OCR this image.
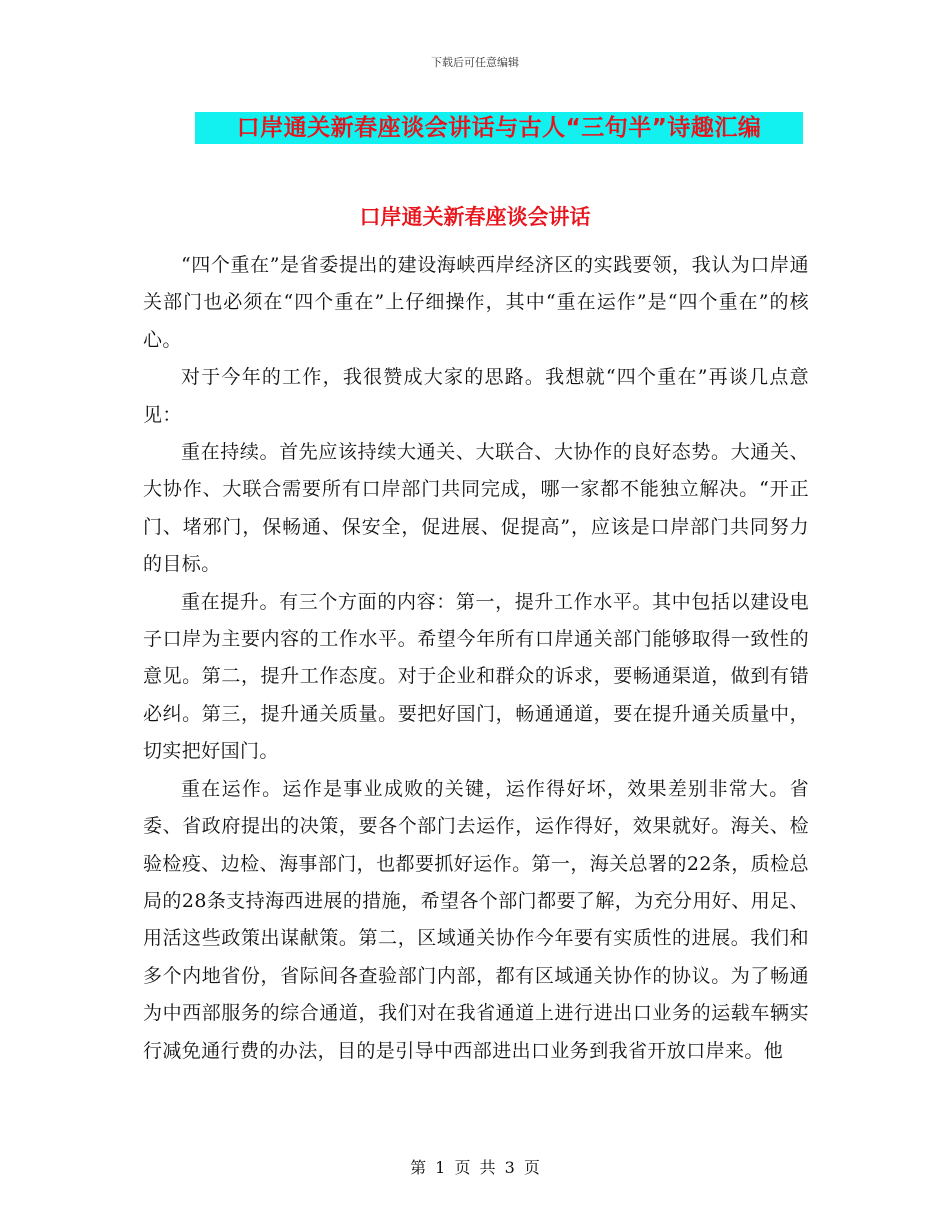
下载后可任意编辑
口岸通关新春座谈会讲话与古人“三句半”诗趣汇编
口岸通关新春座谈会讲话

“四个重在”是省委提出的建设海峡西岸经济区的实践要领，我认为口岸通关部门也必须在“四个重在”上仔细操作，其中“重在运作”是“四个重在”的核心。

对于今年的工作，我很赞成大家的思路。我想就“四个重在”再谈几点意见：

重在持续。首先应该持续大通关、大联合、大协作的良好态势。大通关、大协作、大联合需要所有口岸部门共同完成，哪一家都不能独立解决。“开正门、堵邪门，保畅通、保安全，促进展、促提高”，应该是口岸部门共同努力的目标。

重在提升。有三个方面的内容：第一，提升工作水平。其中包括以建设电子口岸为主要内容的工作水平。希望今年所有口岸通关部门能够取得一致性的意见。第二，提升工作态度。对于企业和群众的诉求，要畅通渠道，做到有错必纠。第三，提升通关质量。要把好国门，畅通通道，要在提升通关质量中，切实把好国门。

重在运作。运作是事业成败的关键，运作得好坏，效果差别非常大。省委、省政府提出的决策，要各个部门去运作，运作得好，效果就好。海关、检验检疫、边检、海事部门，也都要抓好运作。第一，海关总署的22条，质检总局的28条支持海西进展的措施，希望各个部门都要了解，为充分用好、用足、用活这些政策出谋献策。第二，区域通关协作今年要有实质性的进展。我们和多个内地省份，省际间各查验部门内部，都有区域通关协作的协议。为了畅通为中西部服务的综合通道，我们对在我省通道上进行进出口业务的运载车辆实行减免通行费的办法，目的是引导中西部进出口业务到我省开放口岸来。他

第 1 页 共 3 页
